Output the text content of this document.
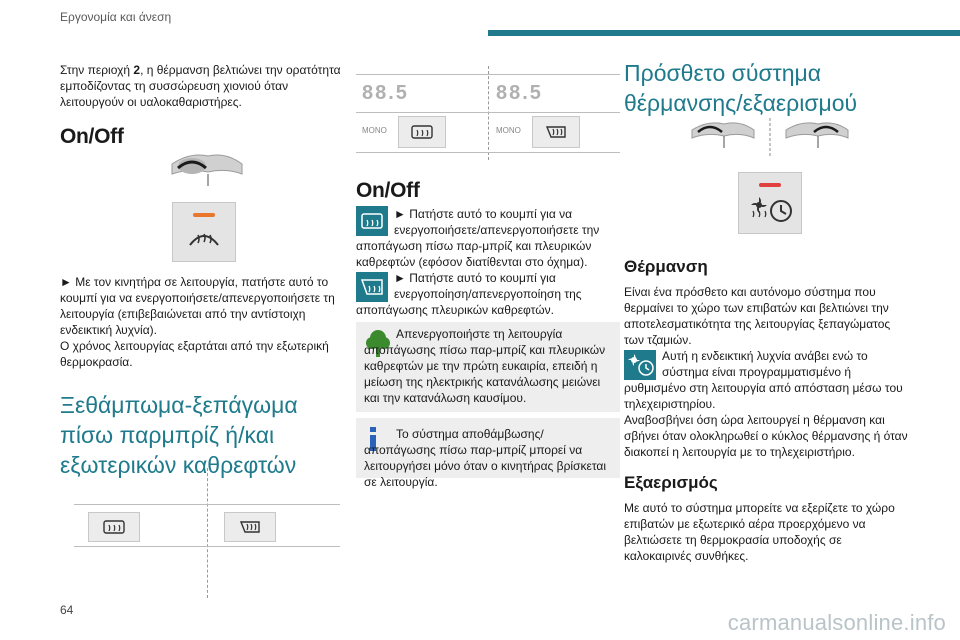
Εργονομία και άνεση

Στην περιοχή 2, η θέρμανση βελτιώνει την ορατότητα εμποδίζοντας τη συσσώρευση χιονιού όταν λειτουργούν οι υαλοκαθαριστήρες.

On/Off

► Με τον κινητήρα σε λειτουργία, πατήστε αυτό το κουμπί για να ενεργοποιήσετε/απενεργοποιήσετε τη λειτουργία (επιβεβαιώνεται από την αντίστοιχη ενδεικτική λυχνία).

Ο χρόνος λειτουργίας εξαρτάται από την εξωτερική θερμοκρασία.

Ξεθάμπωμα-ξεπάγωμα πίσω παρμπρίζ ή/και εξωτερικών καθρεφτών
88.5	88.5
MONO	MONO
On/Off

► Πατήστε αυτό το κουμπί για να ενεργοποιήσετε/απενεργοποιήσετε την αποπάγωση πίσω παρ-μπρίζ και πλευρικών καθρεφτών (εφόσον διατίθενται στο όχημα).

► Πατήστε αυτό το κουμπί για ενεργοποίηση/απενεργοποίηση της αποπάγωσης πλευρικών καθρεφτών.

Απενεργοποιήστε τη λειτουργία αποπάγωσης πίσω παρ-μπρίζ και πλευρικών καθρεφτών με την πρώτη ευκαιρία, επειδή η μείωση της ηλεκτρικής κατανάλωσης μειώνει και την κατανάλωση καυσίμου.

Το σύστημα αποθάμβωσης/αποπάγωσης πίσω παρ-μπρίζ μπορεί να λειτουργήσει μόνο όταν ο κινητήρας βρίσκεται σε λειτουργία.

Πρόσθετο σύστημα θέρμανσης/εξαερισμού
Θέρμανση

Είναι ένα πρόσθετο και αυτόνομο σύστημα που θερμαίνει το χώρο των επιβατών και βελτιώνει την αποτελεσματικότητα της λειτουργίας ξεπαγώματος των τζαμιών.

Αυτή η ενδεικτική λυχνία ανάβει ενώ το σύστημα είναι προγραμματισμένο ή ρυθμισμένο στη λειτουργία από απόσταση μέσω του τηλεχειριστηρίου.

Αναβοσβήνει όση ώρα λειτουργεί η θέρμανση και σβήνει όταν ολοκληρωθεί ο κύκλος θέρμανσης ή όταν διακοπεί η λειτουργία με το τηλεχειριστήριο.

Εξαερισμός

Με αυτό το σύστημα μπορείτε να εξερίζετε το χώρο επιβατών με εξωτερικό αέρα προερχόμενο να βελτιώσετε τη θερμοκρασία υποδοχής σε καλοκαιρινές συνθήκες.

64	carmanualsonline.info
